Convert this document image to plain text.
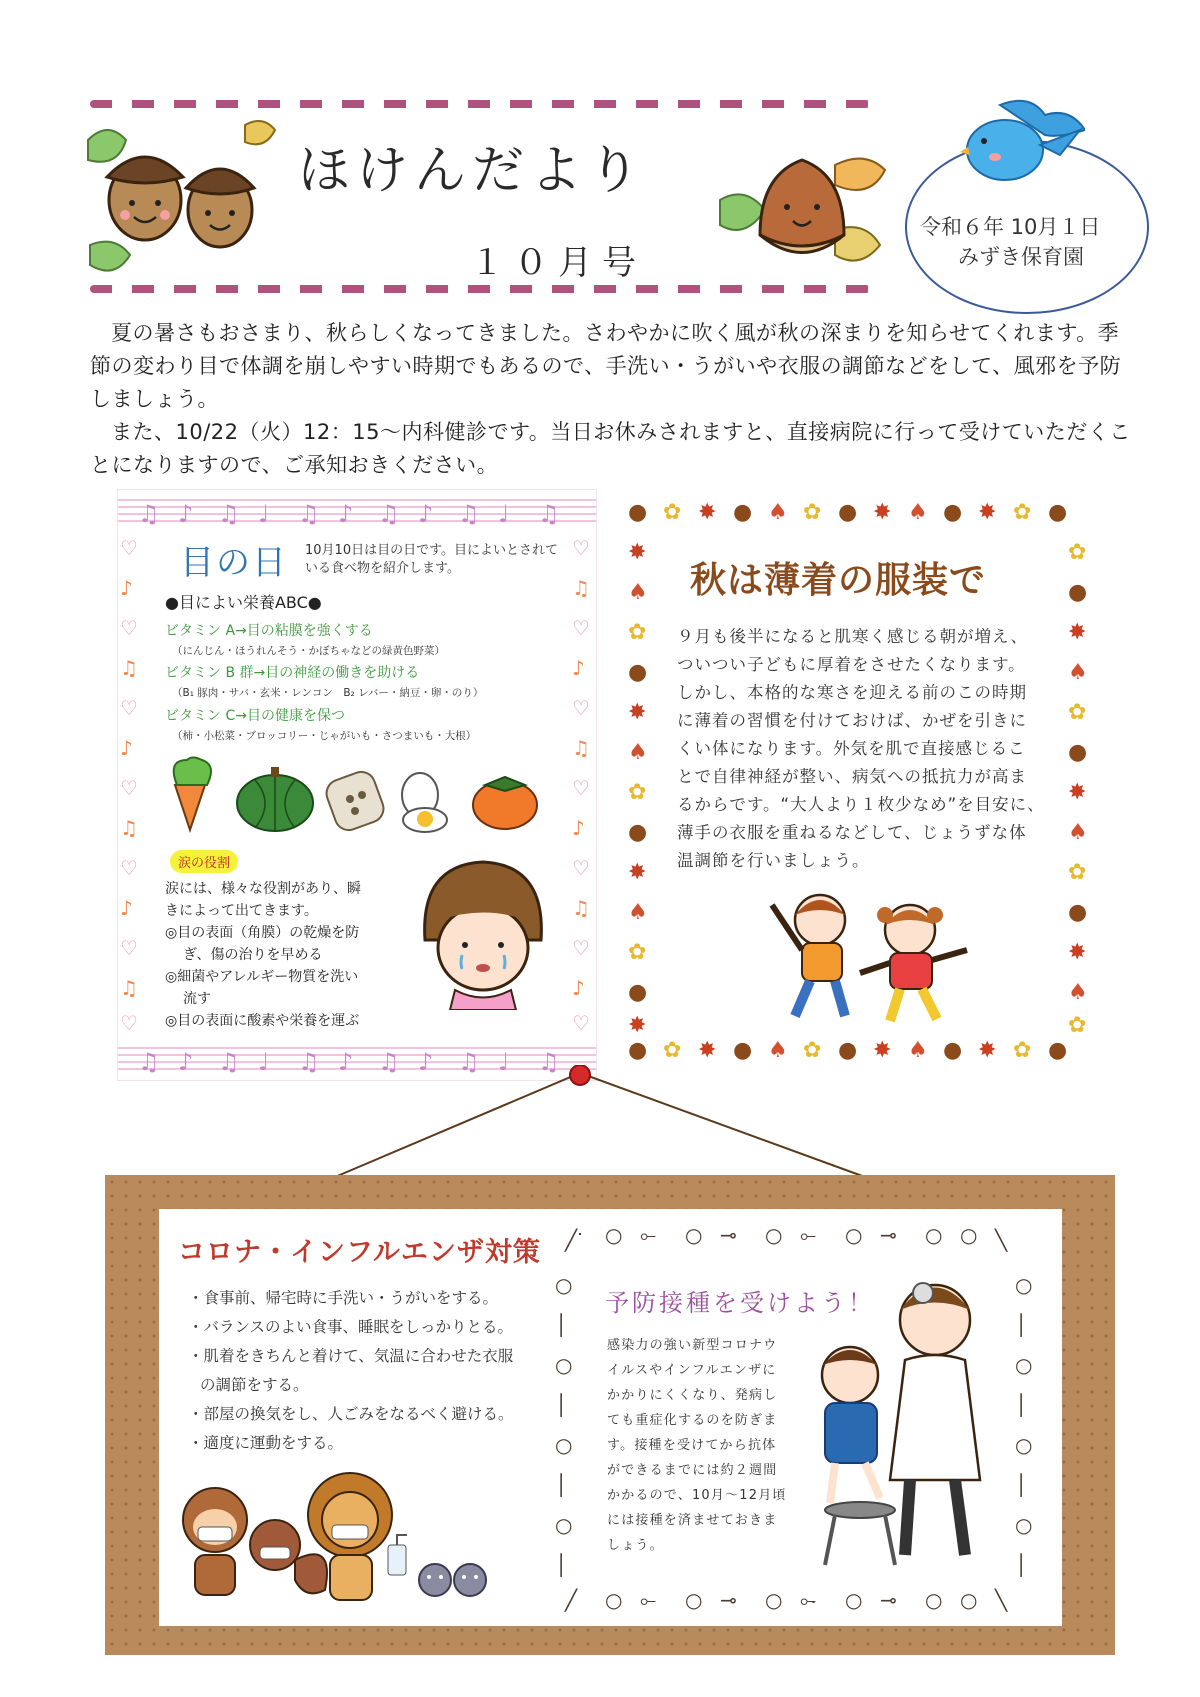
ほけんだより
１０月号
令和６年 10月１日
みずき保育園

夏の暑さもおさまり、秋らしくなってきました。さわやかに吹く風が秋の深まりを知らせてくれます。季節の変わり目で体調を崩しやすい時期でもあるので、手洗い・うがいや衣服の調節などをして、風邪を予防しましょう。

また、10/22（火）12：15～内科健診です。当日お休みされますと、直接病院に行って受けていただくことになりますので、ご承知おきください。

♫ ♪ ♫ ♩ ♫ ♪ ♫ ♪ ♫ ♩ ♫
♫ ♪ ♫ ♩ ♫ ♪ ♫ ♪ ♫ ♩ ♫
♡
♪
♡
♫
♡
♪
♡
♫
♡
♪
♡
♫
♡
♡
♫
♡
♪
♡
♫
♡
♪
♡
♫
♡
♪
♡
目の日 10月10日は目の日です。目によいとされている食べ物を紹介します。
●目によい栄養ABC●
ビタミン A→目の粘膜を強くする
（にんじん・ほうれんそう・かぼちゃなどの緑黄色野菜）
ビタミン B 群→目の神経の働きを助ける
（B₁ 豚肉・サバ・玄米・レンコン　B₂ レバー・納豆・卵・のり）
ビタミン C→目の健康を保つ
（柿・小松菜・ブロッコリー・じゃがいも・さつまいも・大根）
涙の役割
涙には、様々な役割があり、瞬
きによって出てきます。
◎目の表面（角膜）の乾燥を防
ぎ、傷の治りを早める
◎細菌やアレルギー物質を洗い
流す
◎目の表面に酸素や栄養を運ぶ
● ✿ ✸ ● ♠ ✿ ● ✸ ♠ ● ✸ ✿ ●
● ✿ ✸ ● ♠ ✿ ● ✸ ♠ ● ✸ ✿ ●
✸
♠
✿
●
✸
♠
✿
●
✸
♠
✿
●
✸
✿
●
✸
♠
✿
●
✸
♠
✿
●
✸
♠
✿
秋は薄着の服装で
９月も後半になると肌寒く感じる朝が増え、
ついつい子どもに厚着をさせたくなります。
しかし、本格的な寒さを迎える前のこの時期
に薄着の習慣を付けておけば、かぜを引きに
くい体になります。外気を肌で直接感じるこ
とで自律神経が整い、病気への抵抗力が高ま
るからです。“大人より１枚少なめ”を目安に、
薄手の衣服を重ねるなどして、じょうずな体
温調節を行いましょう。
コロナ・インフルエンザ対策
・食事前、帰宅時に手洗い・うがいをする。
・バランスのよい食事、睡眠をしっかりとる。
・肌着をきちんと着けて、気温に合わせた衣服
の調節をする。
・部屋の換気をし、人ごみをなるべく避ける。
・適度に運動をする。
╱ ○ ⟜ ○ ⊸ ○ ⟜ ○ ⊸ ○ ○ ╲
╱ ○ ⟜ ○ ⊸ ○ ⟜ ○ ⊸ ○ ○ ╲
○
│
○
│
○
│
○
│
○
│
○
│
○
│
○
│
予防接種を受けよう！
感染力の強い新型コロナウ
イルスやインフルエンザに
かかりにくくなり、発病し
ても重症化するのを防ぎま
す。接種を受けてから抗体
ができるまでには約２週間
かかるので、10月～12月頃
には接種を済ませておきま
しょう。
